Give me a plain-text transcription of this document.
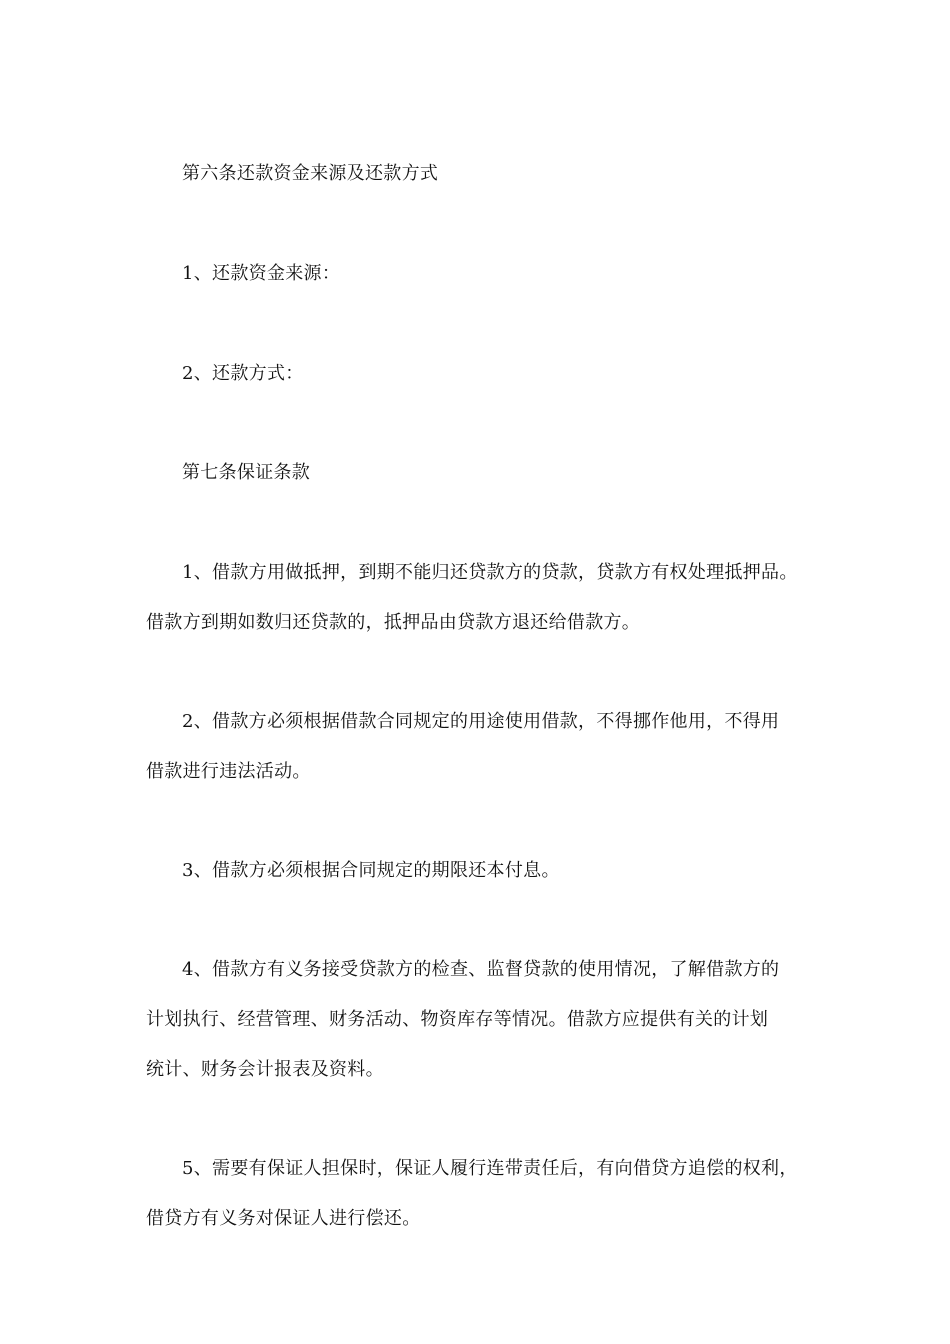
第六条还款资金来源及还款方式
1、还款资金来源：
2、还款方式：
第七条保证条款
1、借款方用做抵押，到期不能归还贷款方的贷款，贷款方有权处理抵押品。
借款方到期如数归还贷款的，抵押品由贷款方退还给借款方。
2、借款方必须根据借款合同规定的用途使用借款，不得挪作他用，不得用
借款进行违法活动。
3、借款方必须根据合同规定的期限还本付息。
4、借款方有义务接受贷款方的检查、监督贷款的使用情况，了解借款方的
计划执行、经营管理、财务活动、物资库存等情况。借款方应提供有关的计划
统计、财务会计报表及资料。
5、需要有保证人担保时，保证人履行连带责任后，有向借贷方追偿的权利，
借贷方有义务对保证人进行偿还。
